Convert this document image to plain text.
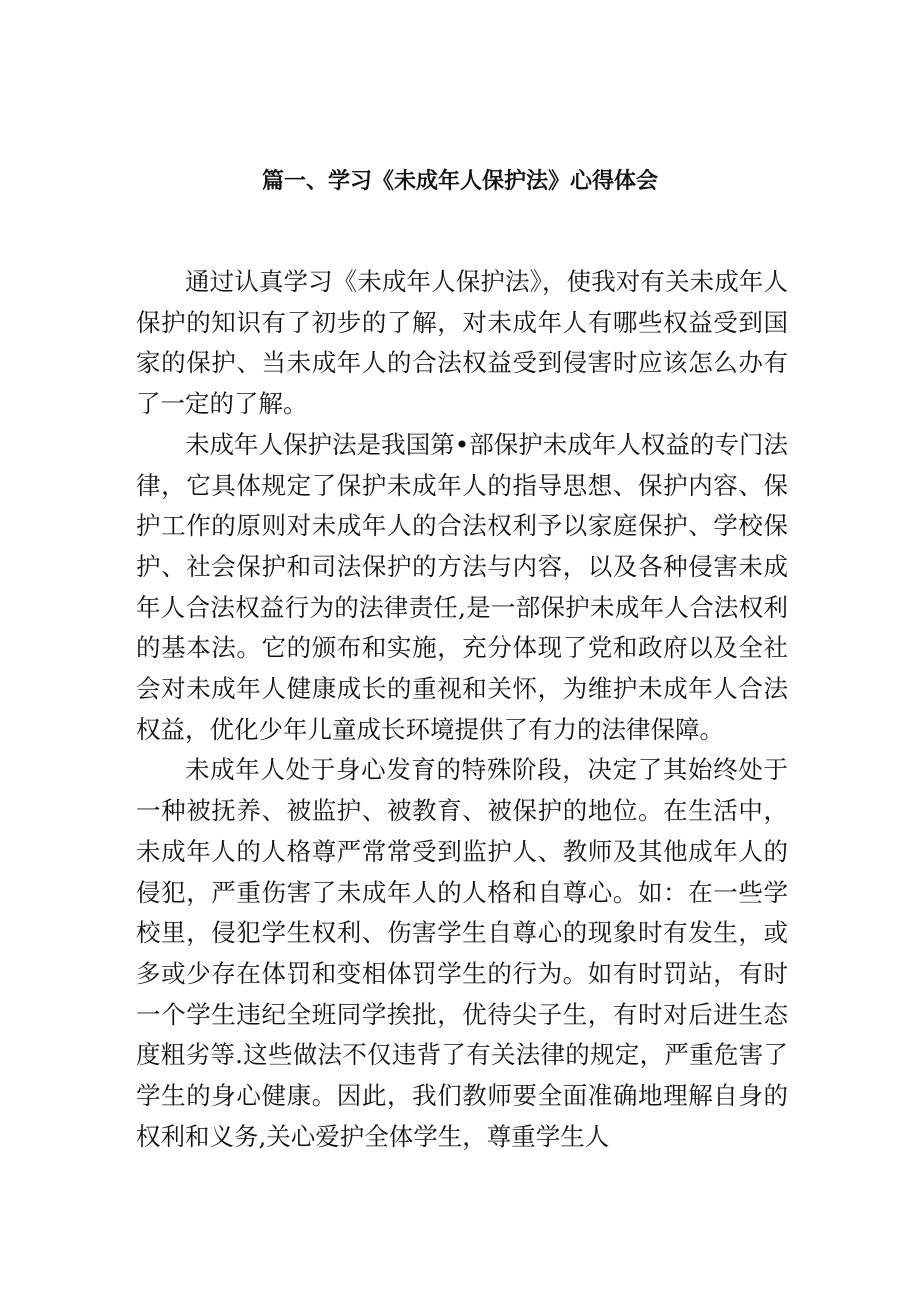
篇一、学习《未成年人保护法》心得体会

通过认真学习《未成年人保护法》，使我对有关未成年人保护的知识有了初步的了解，对未成年人有哪些权益受到国家的保护、当未成年人的合法权益受到侵害时应该怎么办有了一定的了解。

未成年人保护法是我国第•部保护未成年人权益的专门法律，它具体规定了保护未成年人的指导思想、保护内容、保护工作的原则对未成年人的合法权利予以家庭保护、学校保护、社会保护和司法保护的方法与内容，以及各种侵害未成年人合法权益行为的法律责任,是一部保护未成年人合法权利的基本法。它的颁布和实施，充分体现了党和政府以及全社会对未成年人健康成长的重视和关怀，为维护未成年人合法权益，优化少年儿童成长环境提供了有力的法律保障。

未成年人处于身心发育的特殊阶段，决定了其始终处于一种被抚养、被监护、被教育、被保护的地位。在生活中，未成年人的人格尊严常常受到监护人、教师及其他成年人的侵犯，严重伤害了未成年人的人格和自尊心。如：在一些学校里，侵犯学生权利、伤害学生自尊心的现象时有发生，或多或少存在体罚和变相体罚学生的行为。如有时罚站，有时一个学生违纪全班同学挨批，优待尖子生，有时对后进生态度粗劣等.这些做法不仅违背了有关法律的规定，严重危害了学生的身心健康。因此，我们教师要全面准确地理解自身的权利和义务,关心爱护全体学生，尊重学生人
